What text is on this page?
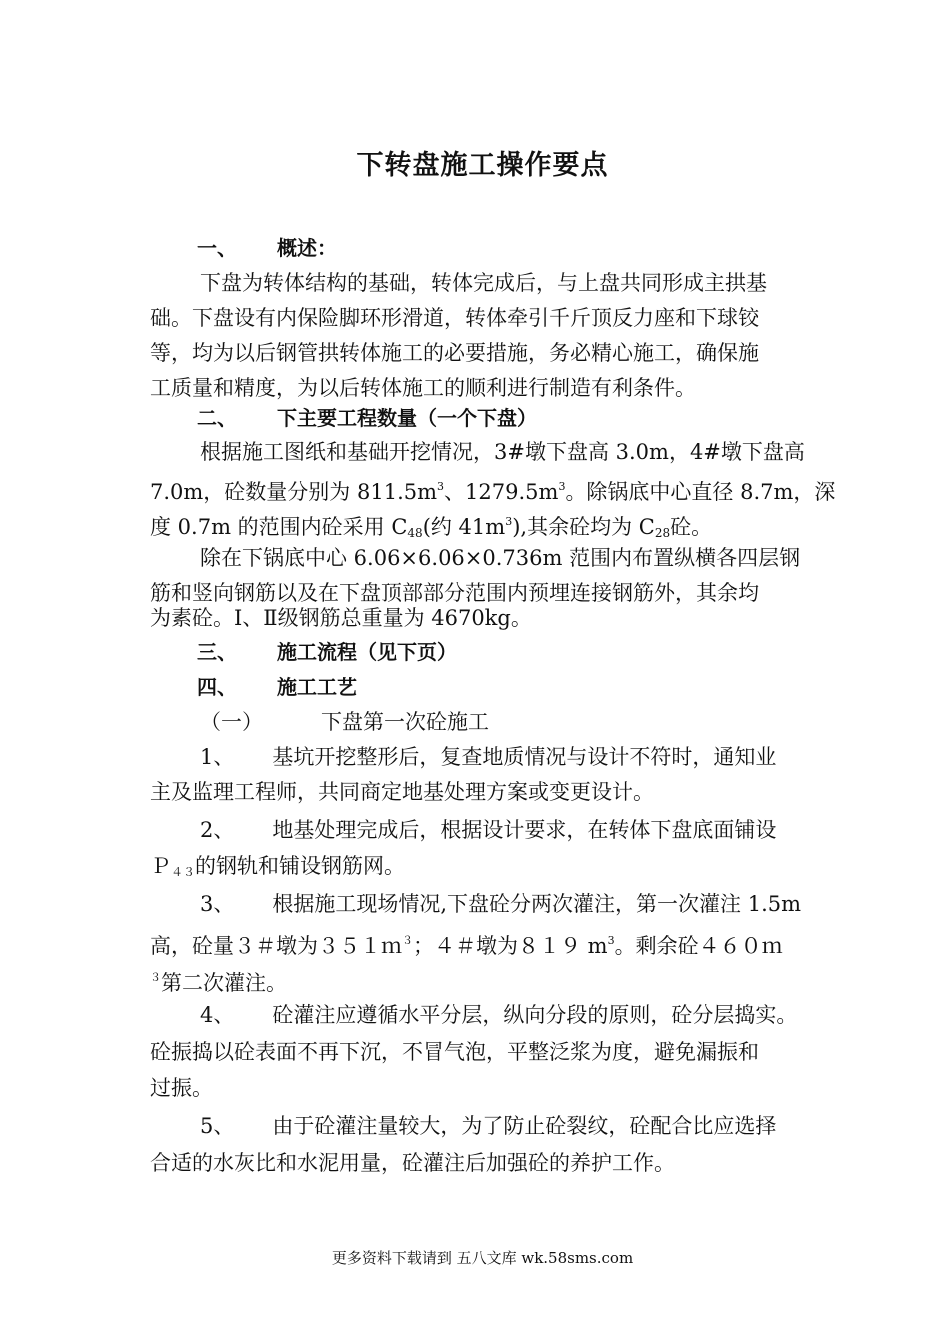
下转盘施工操作要点
一、 概述：
下盘为转体结构的基础，转体完成后，与上盘共同形成主拱基
础。下盘设有内保险脚环形滑道，转体牵引千斤顶反力座和下球铰
等，均为以后钢管拱转体施工的必要措施，务必精心施工，确保施
工质量和精度，为以后转体施工的顺利进行制造有利条件。
二、 下主要工程数量（一个下盘）
根据施工图纸和基础开挖情况，3#墩下盘高 3.0m，4#墩下盘高
7.0m，砼数量分别为 $811.5m^3$、$1279.5m^3$。除锅底中心直径 8.7m，深
度 0.7m 的范围内砼采用 $C_{48}$(约 $41m^3$),其余砼均为 $C_{28}$砼。
除在下锅底中心 6.06×6.06×0.736m 范围内布置纵横各四层钢
筋和竖向钢筋以及在下盘顶部部分范围内预埋连接钢筋外，其余均
为素砼。Ⅰ、Ⅱ级钢筋总重量为 4670kg。
三、 施工流程（见下页）
四、 施工工艺
（一）	下盘第一次砼施工
1、 基坑开挖整形后，复查地质情况与设计不符时，通知业
主及监理工程师，共同商定地基处理方案或变更设计。
2、 地基处理完成后，根据设计要求，在转体下盘底面铺设
Ｐ$_{43}$的钢轨和铺设钢筋网。
3、 根据施工现场情况,下盘砼分两次灌注，第一次灌注 1.5m
高，砼量３＃墩为３５１ｍ$^3$；４＃墩为８１９ $m^3$。剩余砼４６０ｍ
$^3$第二次灌注。
4、 砼灌注应遵循水平分层，纵向分段的原则，砼分层捣实。
砼振捣以砼表面不再下沉，不冒气泡，平整泛浆为度，避免漏振和
过振。
5、 由于砼灌注量较大，为了防止砼裂纹，砼配合比应选择
合适的水灰比和水泥用量，砼灌注后加强砼的养护工作。
更多资料下载请到 五八文库 wk.58sms.com
